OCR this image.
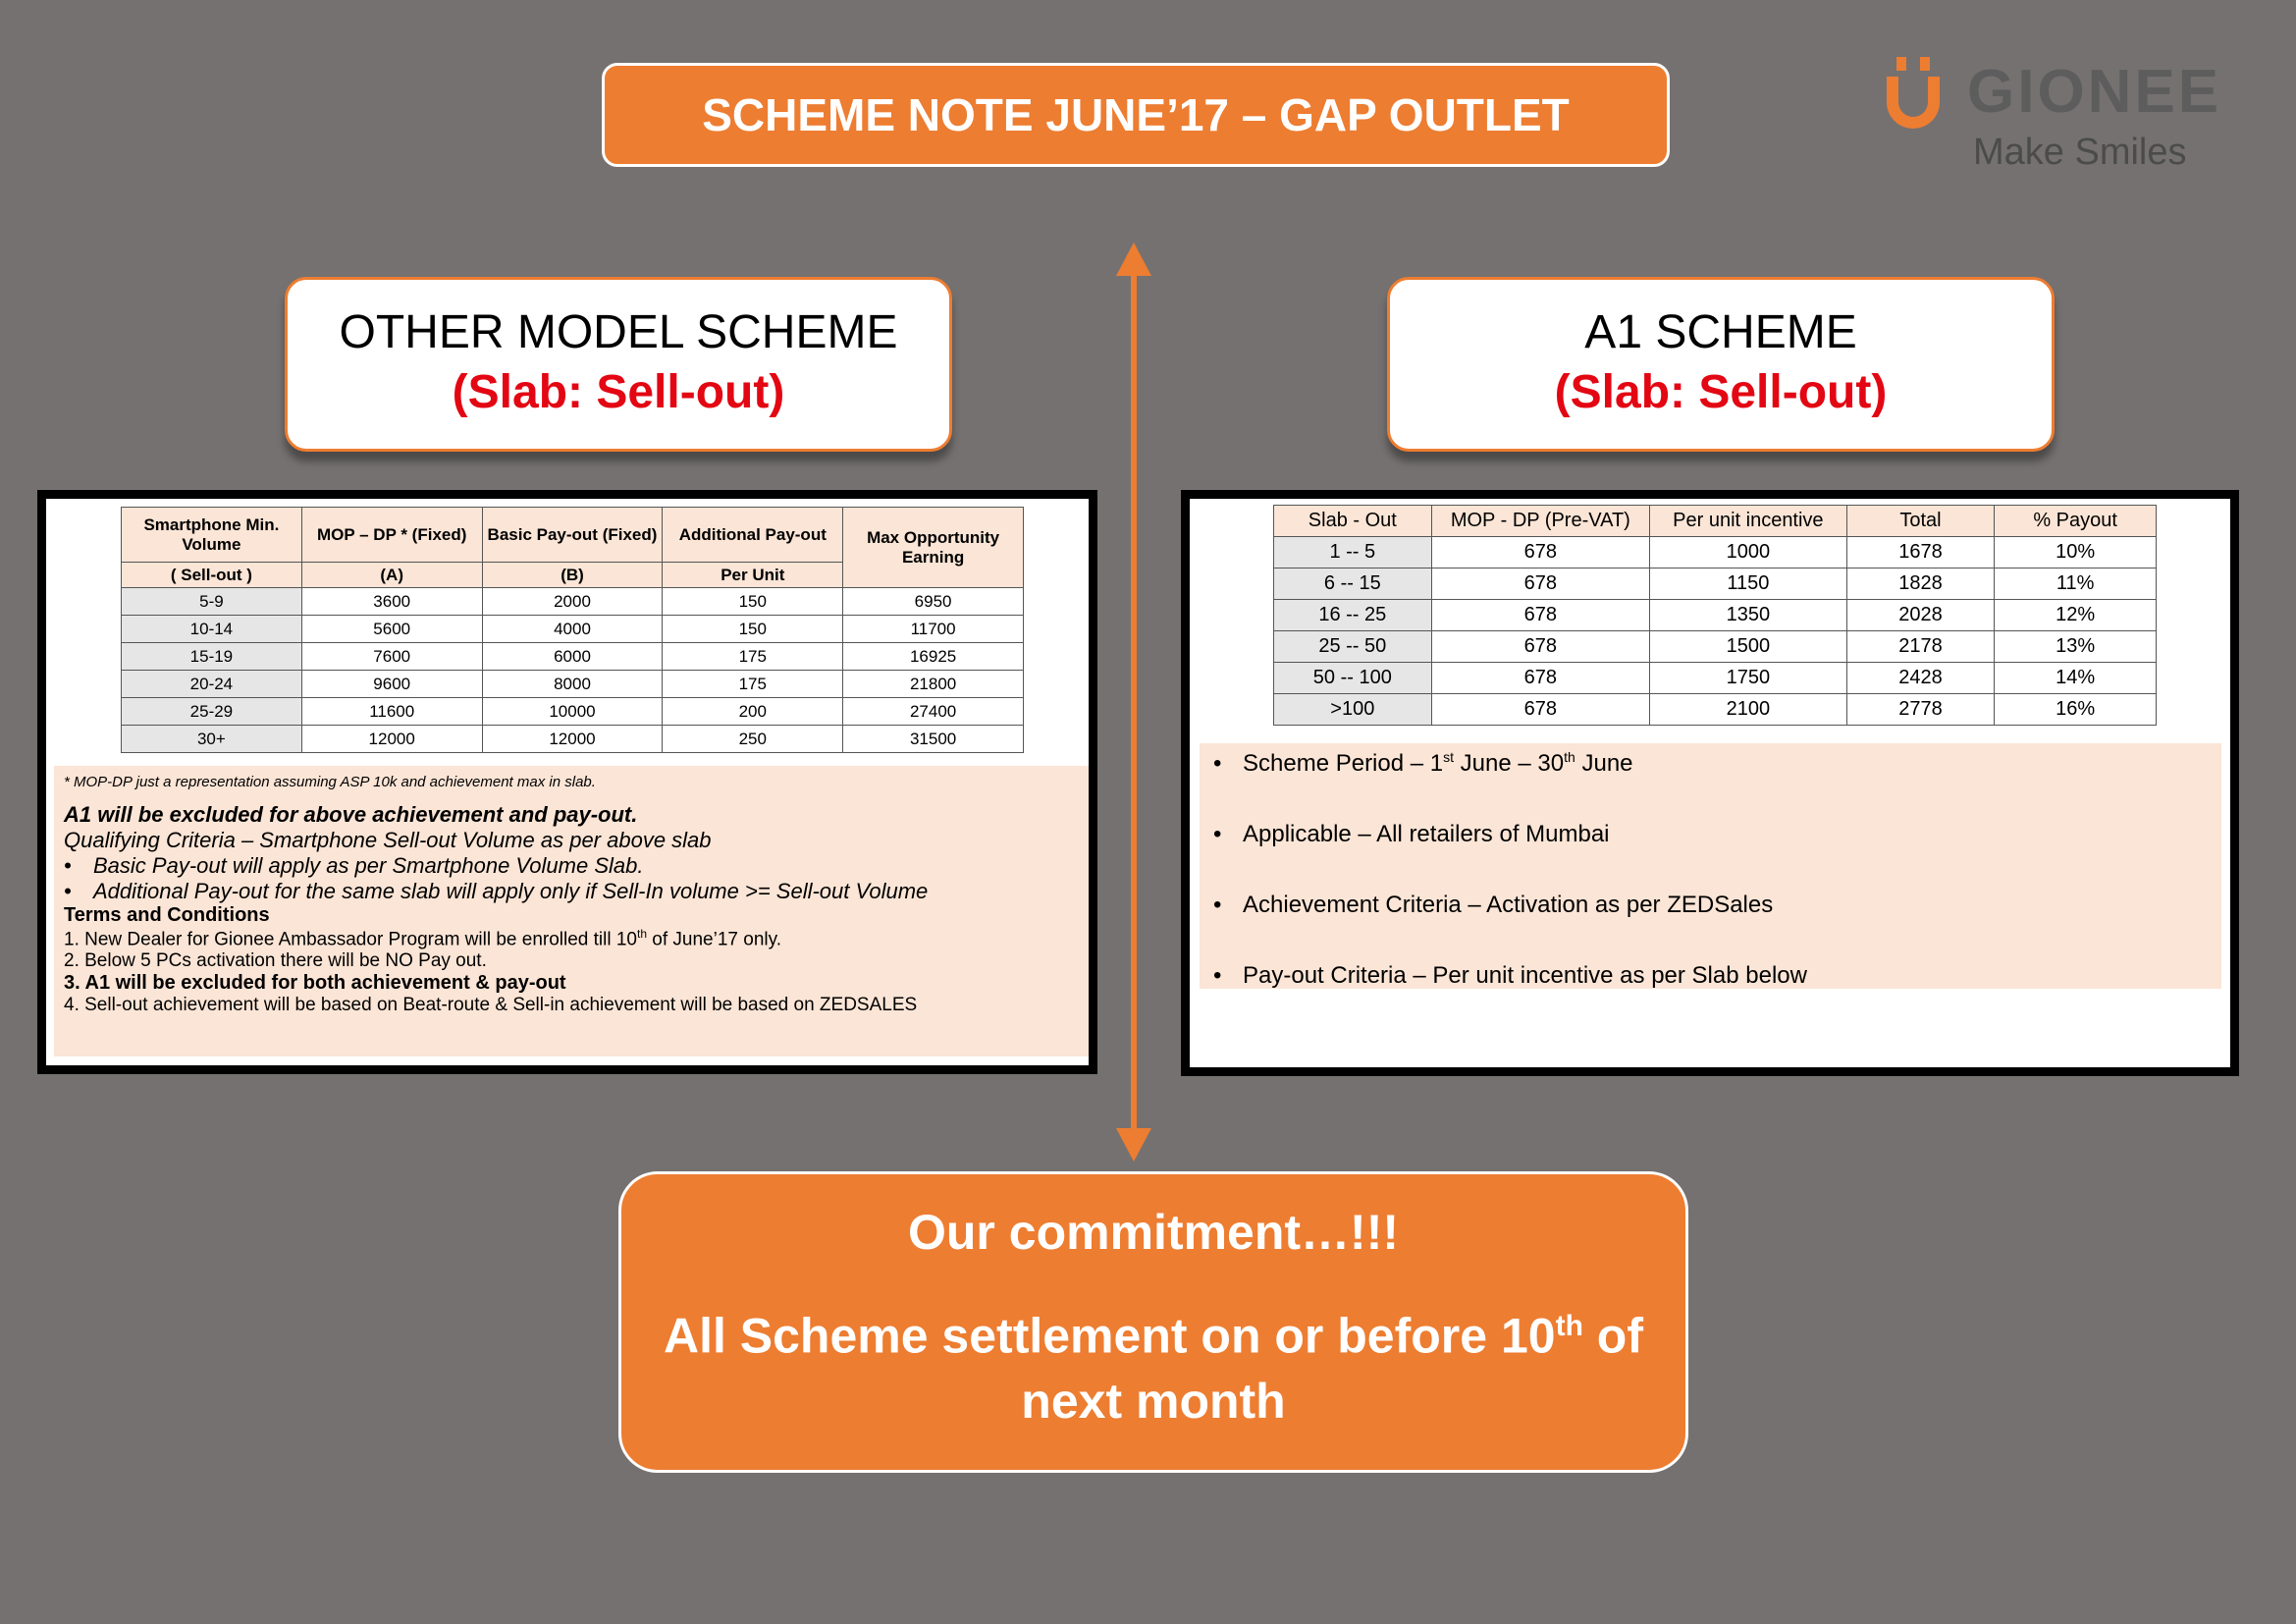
SCHEME NOTE JUNE’17 – GAP OUTLET	GIONEE
Make Smiles
OTHER MODEL SCHEME
(Slab: Sell-out)
A1 SCHEME
(Slab: Sell-out)
Smartphone Min. Volume	MOP – DP * (Fixed)	Basic Pay-out (Fixed)	Additional Pay-out	Max Opportunity Earning
( Sell-out )	(A)	(B)	Per Unit	
5-9	3600	2000	150	6950
10-14	5600	4000	150	11700
15-19	7600	6000	175	16925
20-24	9600	8000	175	21800
25-29	11600	10000	200	27400
30+	12000	12000	250	31500
* MOP-DP just a representation assuming ASP 10k and achievement max in slab.
A1 will be excluded for above achievement and pay-out.
Qualifying Criteria – Smartphone Sell-out Volume as per above slab
• Basic Pay-out will apply as per Smartphone Volume Slab.
• Additional Pay-out for the same slab will apply only if Sell-In volume >= Sell-out Volume
Terms and Conditions
1. New Dealer for Gionee Ambassador Program will be enrolled till 10th of June’17 only.
2. Below 5 PCs activation there will be NO Pay out.
3. A1 will be excluded for both achievement & pay-out
4. Sell-out achievement will be based on Beat-route & Sell-in achievement will be based on ZEDSALES
Slab - Out	MOP - DP (Pre-VAT)	Per unit incentive	Total	% Payout
1 -- 5	678	1000	1678	10%
6 -- 15	678	1150	1828	11%
16 -- 25	678	1350	2028	12%
25 -- 50	678	1500	2178	13%
50 -- 100	678	1750	2428	14%
>100	678	2100	2778	16%
• Scheme Period – 1st June – 30th June
• Applicable – All retailers of Mumbai
• Achievement Criteria – Activation as per ZEDSales
• Pay-out Criteria – Per unit incentive as per Slab below
Our commitment…!!!
All Scheme settlement on or before 10th of next month
